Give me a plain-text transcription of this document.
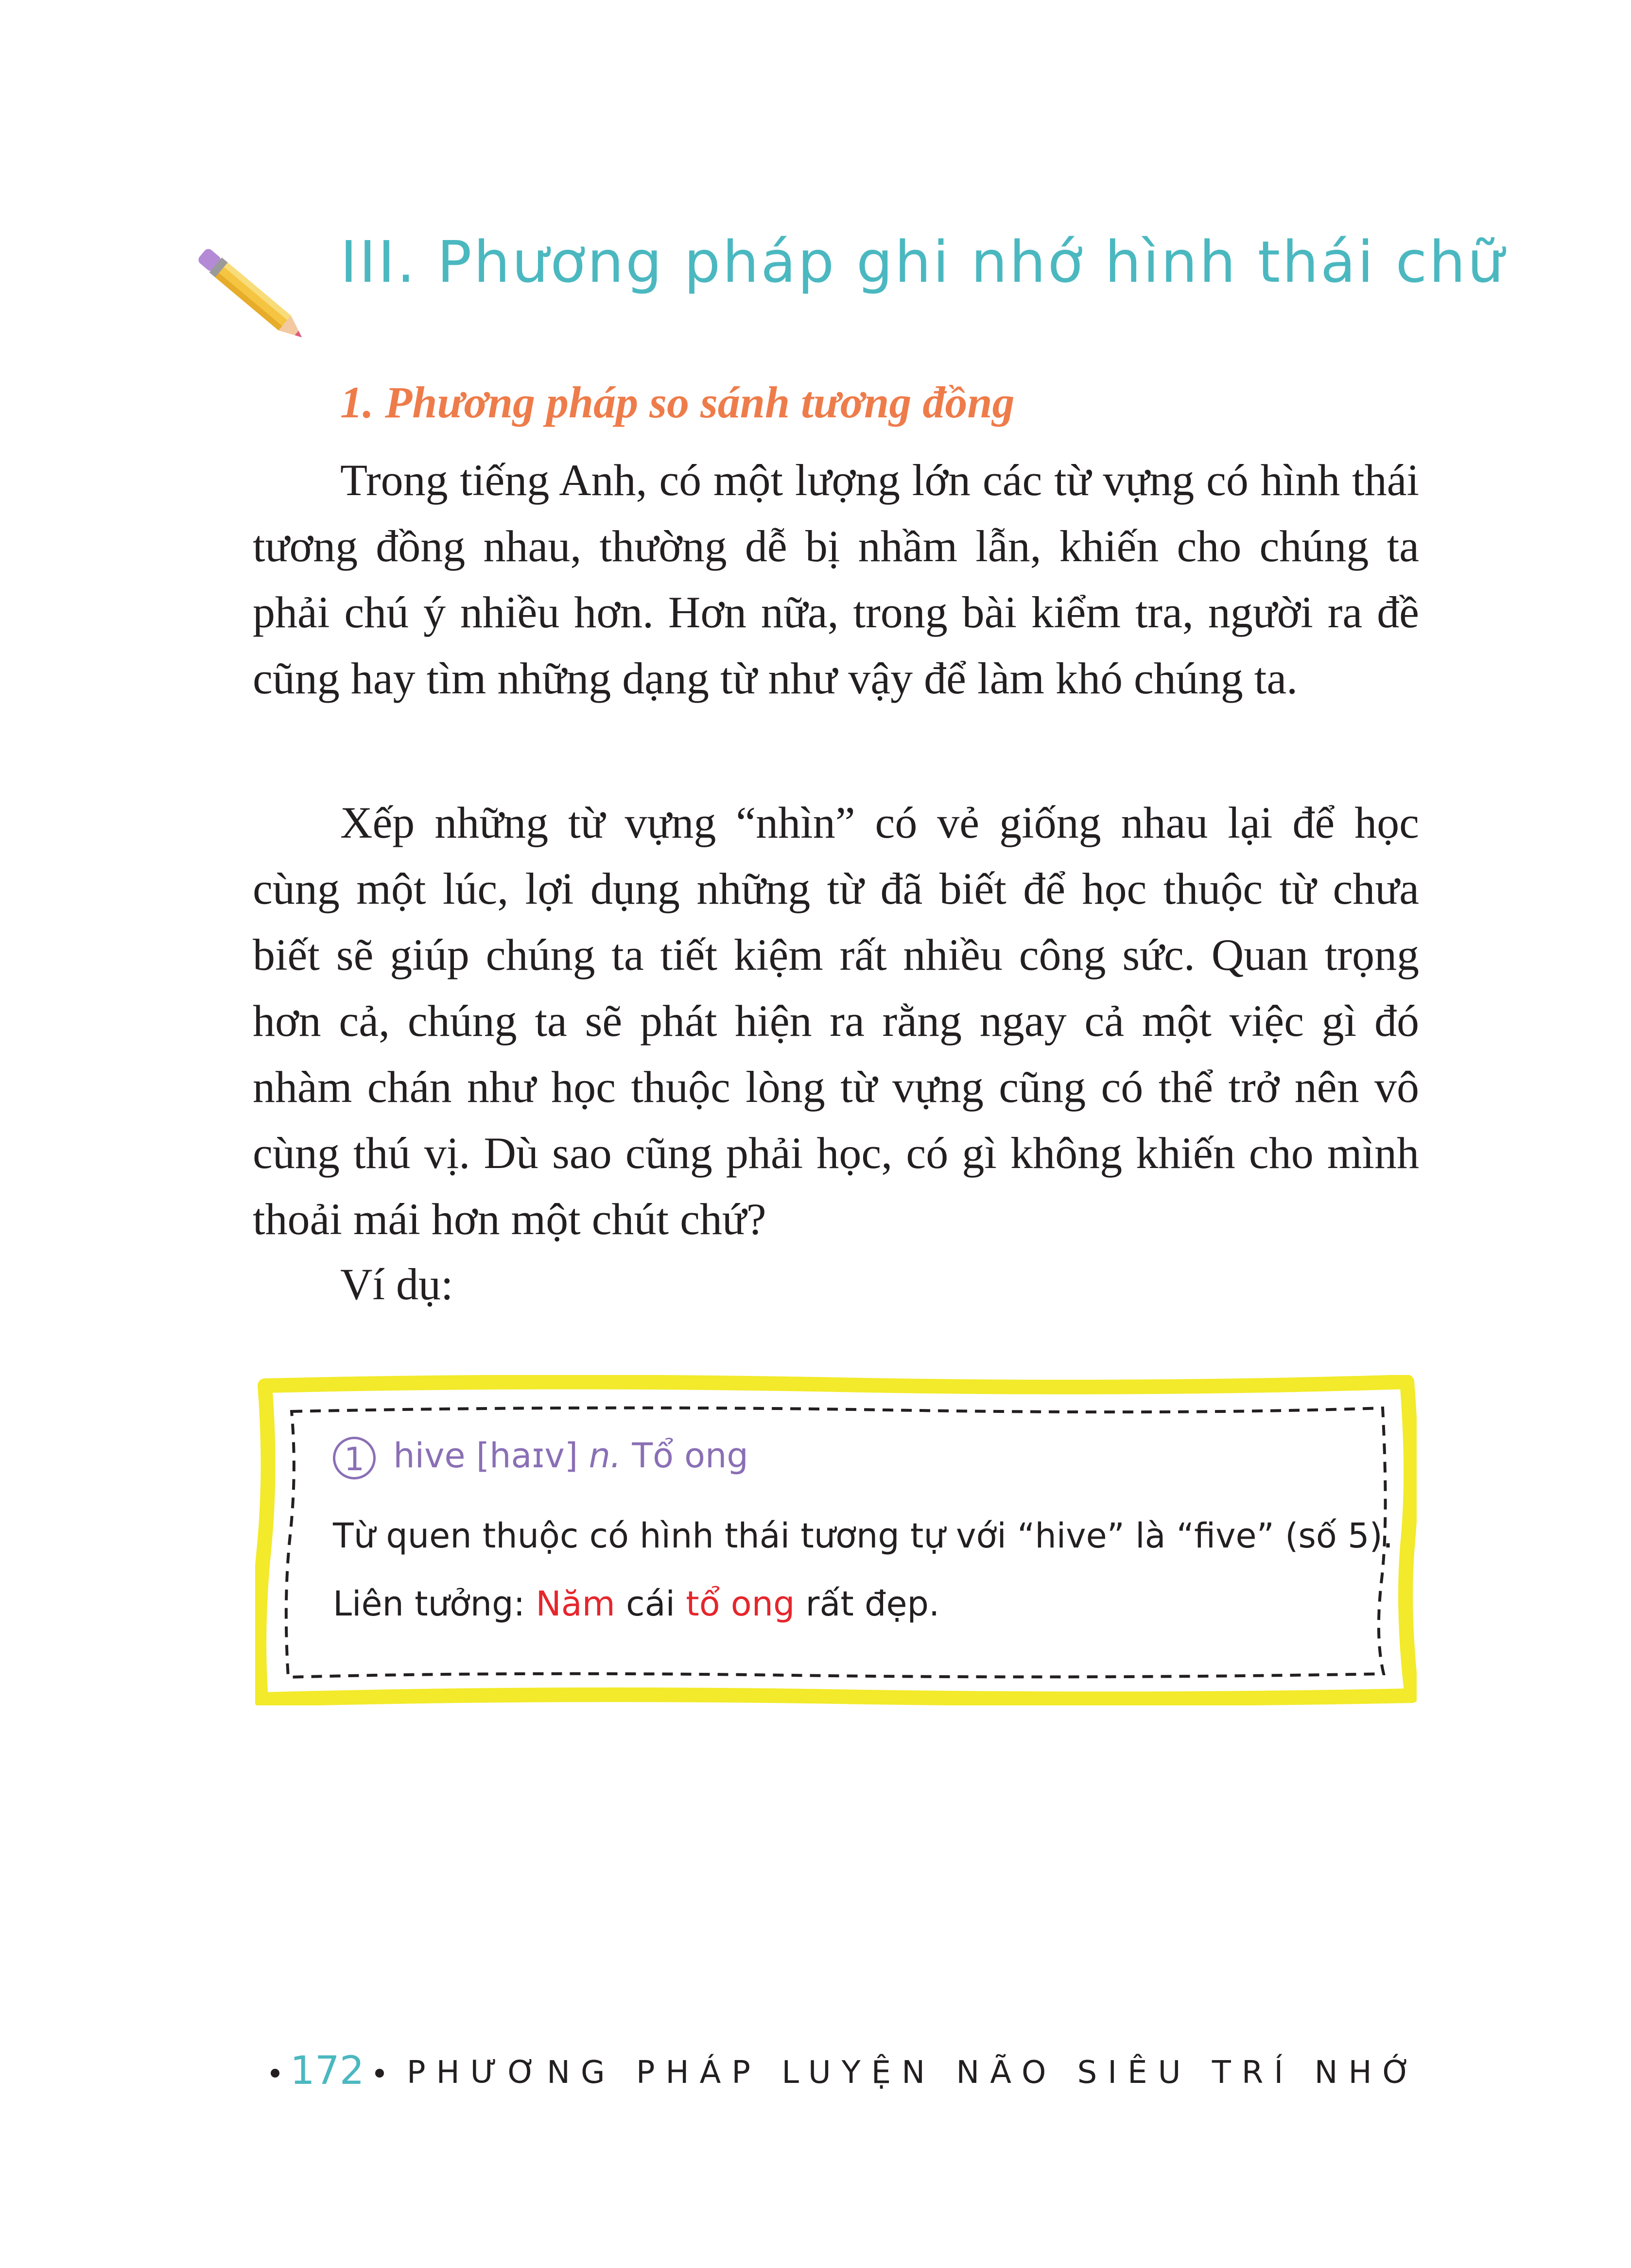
III. Phương pháp ghi nhớ hình thái chữ
1. Phương pháp so sánh tương đồng

Trong tiếng Anh, có một lượng lớn các từ vựng có hình thái tương đồng nhau, thường dễ bị nhầm lẫn, khiến cho chúng ta phải chú ý nhiều hơn. Hơn nữa, trong bài kiểm tra, người ra đề cũng hay tìm những dạng từ như vậy để làm khó chúng ta.

Xếp những từ vựng “nhìn” có vẻ giống nhau lại để học cùng một lúc, lợi dụng những từ đã biết để học thuộc từ chưa biết sẽ giúp chúng ta tiết kiệm rất nhiều công sức. Quan trọng hơn cả, chúng ta sẽ phát hiện ra rằng ngay cả một việc gì đó nhàm chán như học thuộc lòng từ vựng cũng có thể trở nên vô cùng thú vị. Dù sao cũng phải học, có gì không khiến cho mình thoải mái hơn một chút chứ?

Ví dụ:

1 hive [haɪv] n. Tổ ong

Từ quen thuộc có hình thái tương tự với “hive” là “five” (số 5).

Liên tưởng: Năm cái tổ ong rất đẹp.

172	PHƯƠNG PHÁP LUYỆN NÃO SIÊU TRÍ NHỚ
